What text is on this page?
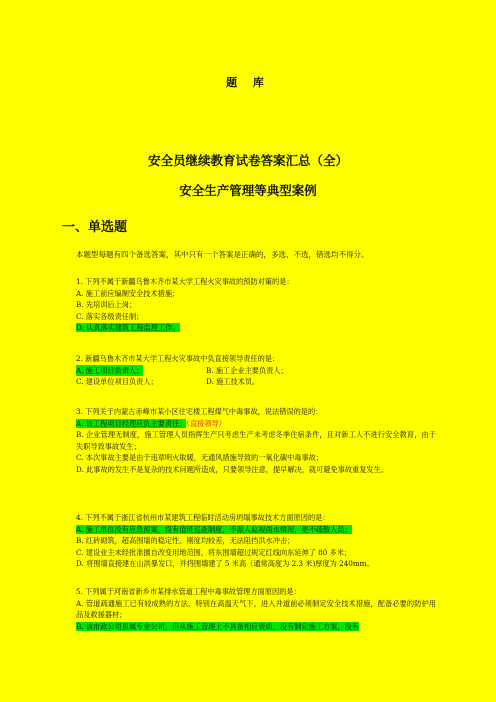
题 库
安全员继续教育试卷答案汇总（全）
安全生产管理等典型案例
一、单选题
本题型每题有四个备选答案，其中只有一个答案是正确的，多选、不选，错选均不得分。
1. 下列不属于新疆乌鲁木齐市某大学工程火灾事故的预防对策的是：
A. 施工前应编制安全技术措施；
B. 先培训后上岗；
C. 落实各级责任制；
D. 认真落实建筑工程监理工作。
2. 新疆乌鲁木齐市某大学工程火灾事故中负直接领导责任的是：
A. 施工项目负责人；	B. 施工企业主要负责人；
C. 建设单位项目负责人；	D. 施工技术员。
3. 下列关于内蒙古赤峰市某小区住宅楼工程煤气中毒事故，说法错误的是的：
A. 该工程项目经理应负主要责任；（直接领导）
B. 企业管理无制度，施工管理人员指挥生产只考虑生产未考虑冬季住宿条件，且对新工人不进行安全教育，由于失职导致事故发生；
C. 本次事故主要是由于违章明火取暖，无通风措施导致的一氧化碳中毒事故；
D. 此事故的发生不是复杂的技术问题所造成，只要领导注意，提早解决，就可避免事故重复发生。
4. 下列不属于浙江省杭州市某建筑工程临时活动房坍塌事故技术方面原因的是：
A. 施工单位没有应急预案，没有值班巡查制度，不派人监视雨水情况，更不疏散人员；
B. 红砖砌筑，超高围墙的稳定性、刚度均较差，无法阻挡洪水冲击；
C. 建设业主未经批准擅自改变用地范围，将东围墙超过规定红线向东延伸了 80 多米；
D. 将围墙直接建在山洪暴发口，并将围墙建了 5 米高（通常高度为 2.3 米)厚度为 240mm。
5. 下列属于河南省新乡市某排水管道工程中毒事故管理方面原因的是：
A. 管道疏通施工已有较成熟的方法，特别在高温天气下，进入井道前必须制定安全技术措施，配备必要的防护用品及救援器材；
B. 该市政公司虽属专业公司，但从施工管理上不具备相应资质，没有制定施工方案，没有
